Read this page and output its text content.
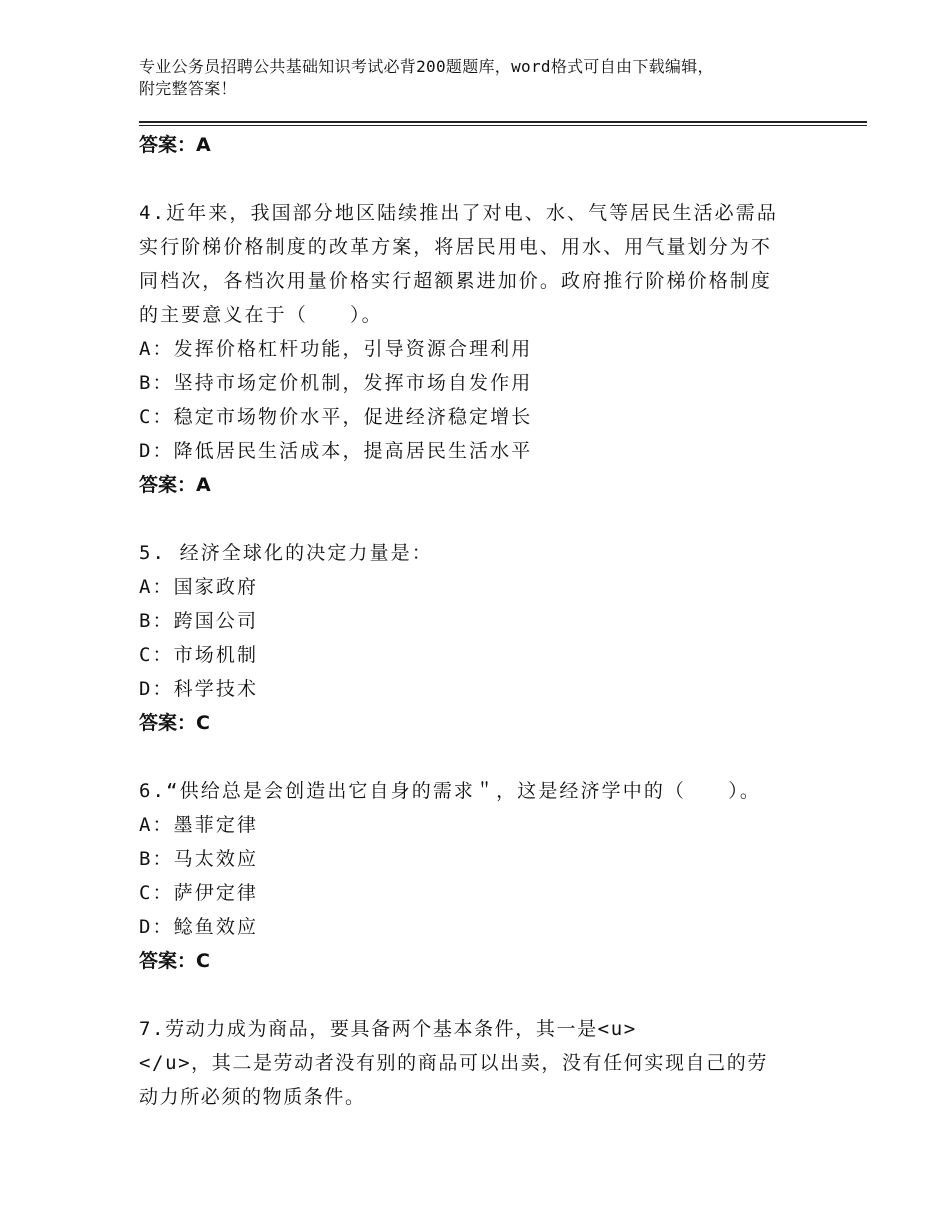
专业公务员招聘公共基础知识考试必背200题题库，word格式可自由下载编辑，
附完整答案！
答案：A
4.近年来，我国部分地区陆续推出了对电、水、气等居民生活必需品
实行阶梯价格制度的改革方案，将居民用电、用水、用气量划分为不
同档次，各档次用量价格实行超额累进加价。政府推行阶梯价格制度
的主要意义在于（　　）。
A：发挥价格杠杆功能，引导资源合理利用
B：坚持市场定价机制，发挥市场自发作用
C：稳定市场物价水平，促进经济稳定增长
D：降低居民生活成本，提高居民生活水平
答案：A
5. 经济全球化的决定力量是：
A：国家政府
B：跨国公司
C：市场机制
D：科学技术
答案：C
6.“供给总是会创造出它自身的需求＂，这是经济学中的（　　）。
A：墨菲定律
B：马太效应
C：萨伊定律
D：鲶鱼效应
答案：C
7.劳动力成为商品，要具备两个基本条件，其一是<u>
</u>，其二是劳动者没有别的商品可以出卖，没有任何实现自己的劳
动力所必须的物质条件。
